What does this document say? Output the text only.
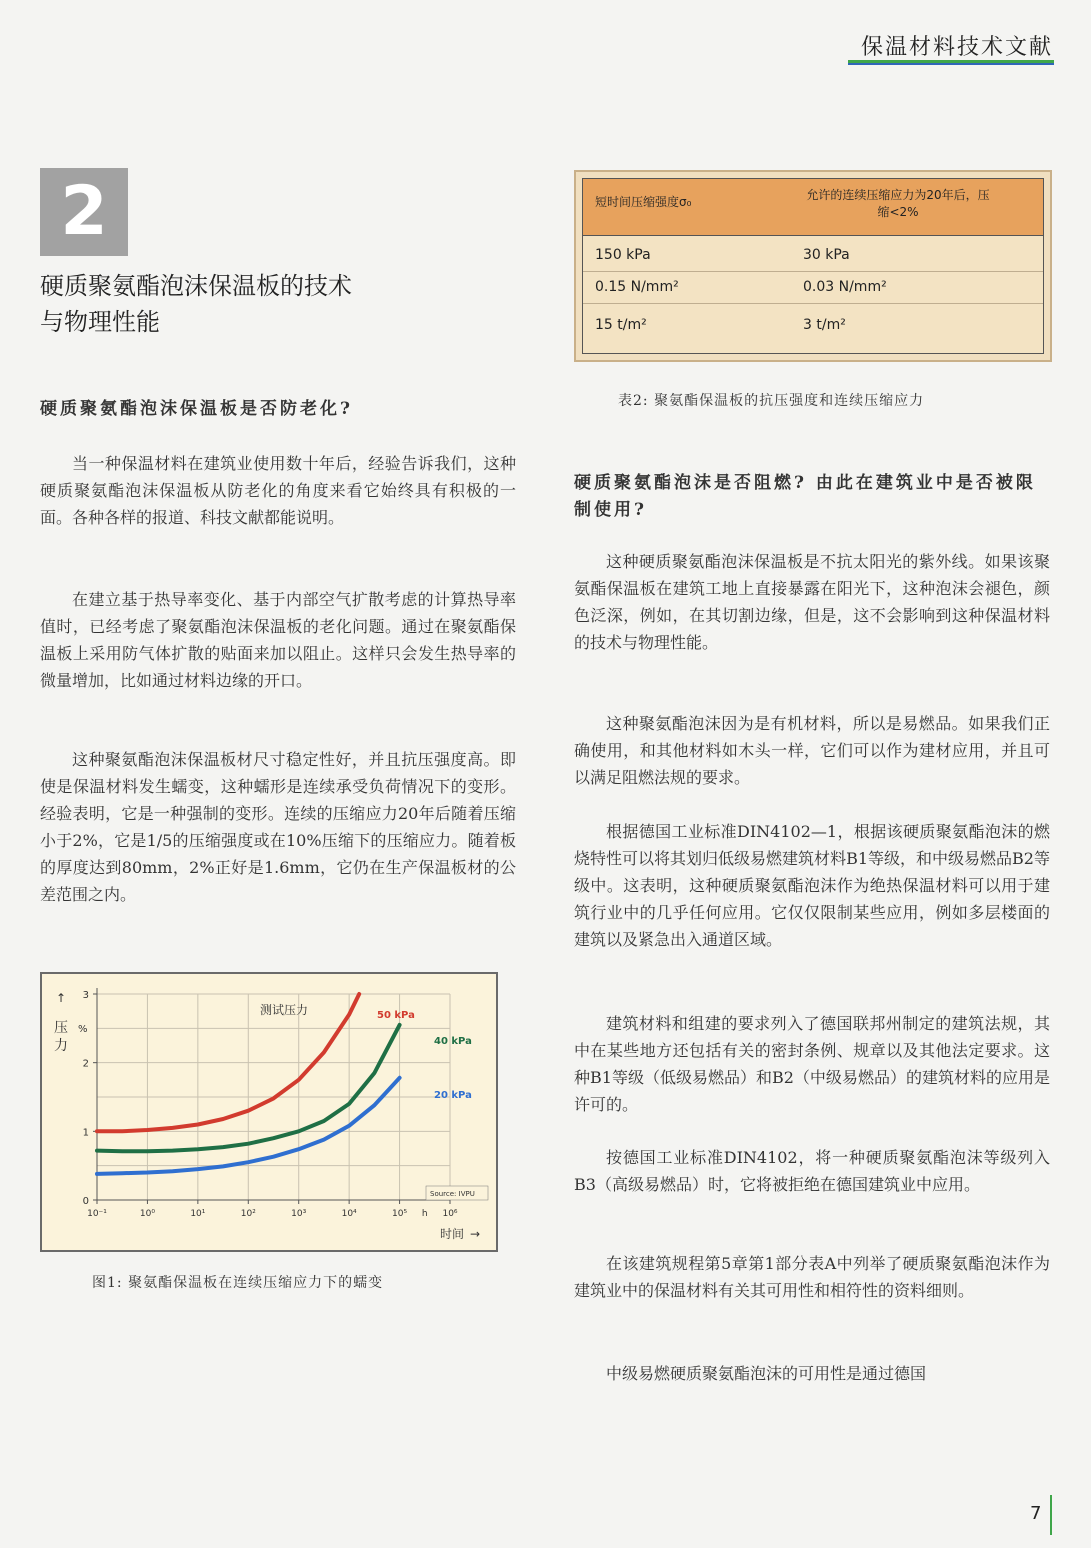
保温材料技术文献
2
硬质聚氨酯泡沫保温板的技术
与物理性能
硬质聚氨酯泡沫保温板是否防老化?
当一种保温材料在建筑业使用数十年后，经验告诉我们，这种硬质聚氨酯泡沫保温板从防老化的角度来看它始终具有积极的一面。各种各样的报道、科技文献都能说明。
在建立基于热导率变化、基于内部空气扩散考虑的计算热导率值时，已经考虑了聚氨酯泡沫保温板的老化问题。通过在聚氨酯保温板上采用防气体扩散的贴面来加以阻止。这样只会发生热导率的微量增加，比如通过材料边缘的开口。
这种聚氨酯泡沫保温板材尺寸稳定性好，并且抗压强度高。即使是保温材料发生蠕变，这种蠕形是连续承受负荷情况下的变形。经验表明，它是一种强制的变形。连续的压缩应力20年后随着压缩小于2%，它是1/5的压缩强度或在10%压缩下的压缩应力。随着板的厚度达到80mm，2%正好是1.6mm，它仍在生产保温板材的公差范围之内。
0
1
2
3
10⁻¹	10⁰	10¹	10²	10³	10⁴	10⁵	10⁶
压
力
↑
%
h
时间 →
测试压力
Source: IVPU
50 kPa
40 kPa
20 kPa
图1: 聚氨酯保温板在连续压缩应力下的蠕变
短时间压缩强度σ₀	允许的连续压缩应力为20年后，压缩<2%
150 kPa	30 kPa
0.15 N/mm²	0.03 N/mm²
15 t/m²	3 t/m²
表2: 聚氨酯保温板的抗压强度和连续压缩应力
硬质聚氨酯泡沫是否阻燃? 由此在建筑业中是否被限制使用?
这种硬质聚氨酯泡沫保温板是不抗太阳光的紫外线。如果该聚氨酯保温板在建筑工地上直接暴露在阳光下，这种泡沫会褪色，颜色泛深，例如，在其切割边缘，但是，这不会影响到这种保温材料的技术与物理性能。
这种聚氨酯泡沫因为是有机材料，所以是易燃品。如果我们正确使用，和其他材料如木头一样，它们可以作为建材应用，并且可以满足阻燃法规的要求。
根据德国工业标准DIN4102—1，根据该硬质聚氨酯泡沫的燃烧特性可以将其划归低级易燃建筑材料B1等级，和中级易燃品B2等级中。这表明，这种硬质聚氨酯泡沫作为绝热保温材料可以用于建筑行业中的几乎任何应用。它仅仅限制某些应用，例如多层楼面的建筑以及紧急出入通道区域。
建筑材料和组建的要求列入了德国联邦州制定的建筑法规，其中在某些地方还包括有关的密封条例、规章以及其他法定要求。这种B1等级（低级易燃品）和B2（中级易燃品）的建筑材料的应用是许可的。
按德国工业标准DIN4102，将一种硬质聚氨酯泡沫等级列入B3（高级易燃品）时，它将被拒绝在德国建筑业中应用。
在该建筑规程第5章第1部分表A中列举了硬质聚氨酯泡沫作为建筑业中的保温材料有关其可用性和相符性的资料细则。
中级易燃硬质聚氨酯泡沫的可用性是通过德国
7
